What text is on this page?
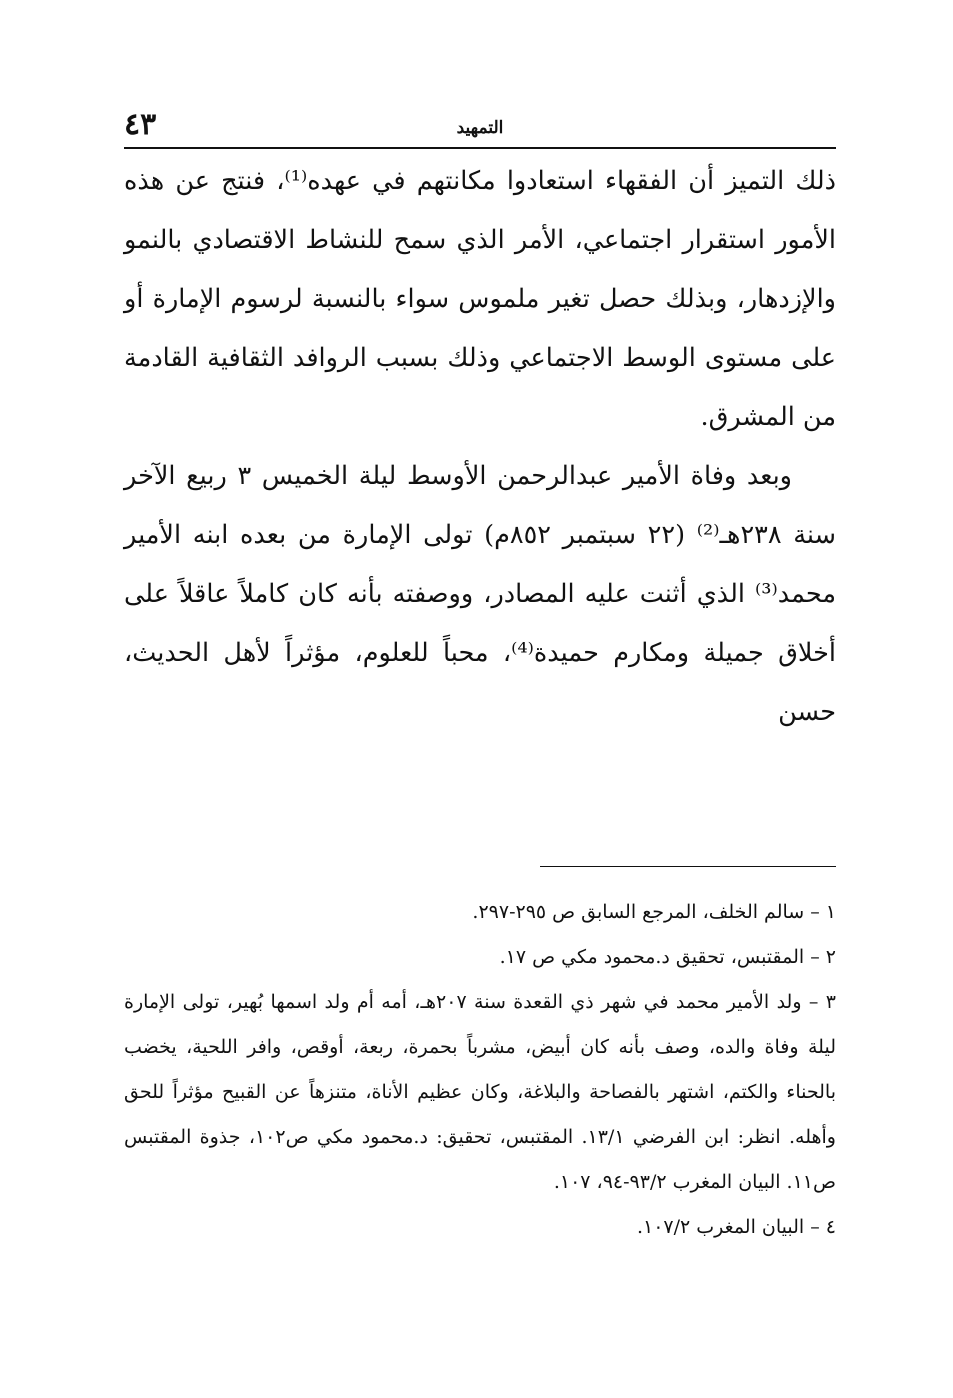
٤٣	التمهيد

ذلك التميز أن الفقهاء استعادوا مكانتهم في عهده⁽¹⁾، فنتج عن هذه الأمور استقرار اجتماعي، الأمر الذي سمح للنشاط الاقتصادي بالنمو والإزدهار، وبذلك حصل تغير ملموس سواء بالنسبة لرسوم الإمارة أو على مستوى الوسط الاجتماعي وذلك بسبب الروافد الثقافية القادمة من المشرق.

وبعد وفاة الأمير عبدالرحمن الأوسط ليلة الخميس ٣ ربيع الآخر سنة ٢٣٨هـ⁽²⁾ (٢٢ سبتمبر ٨٥٢م) تولى الإمارة من بعده ابنه الأمير محمد⁽³⁾ الذي أثنت عليه المصادر، ووصفته بأنه كان كاملاً عاقلاً على أخلاق جميلة ومكارم حميدة⁽⁴⁾، محباً للعلوم، مؤثراً لأهل الحديث، حسن

١ – سالم الخلف، المرجع السابق ص ٢٩٥-٢٩٧.

٢ – المقتبس، تحقيق د.محمود مكي ص ١٧.

٣ – ولد الأمير محمد في شهر ذي القعدة سنة ٢٠٧هـ، أمه أم ولد اسمها بُهير، تولى الإمارة ليلة وفاة والده، وصف بأنه كان أبيض، مشرباً بحمرة، ربعة، أوقص، وافر اللحية، يخضب بالحناء والكتم، اشتهر بالفصاحة والبلاغة، وكان عظيم الأناة، متنزهاً عن القبيح مؤثراً للحق وأهله. انظر: ابن الفرضي ١٣/١. المقتبس، تحقيق: د.محمود مكي ص١٠٢، جذوة المقتبس ص١١. البيان المغرب ٩٣/٢-٩٤، ١٠٧.

٤ – البيان المغرب ١٠٧/٢.
